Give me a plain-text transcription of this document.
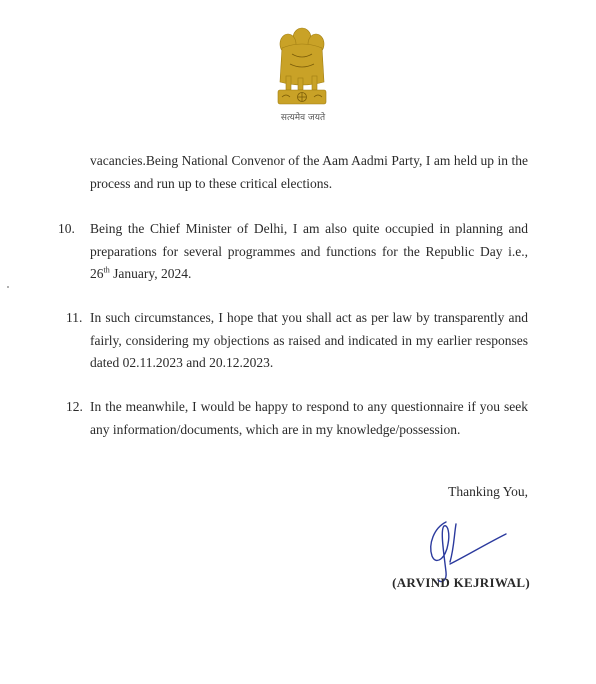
सत्यमेव जयते
vacancies.Being National Convenor of the Aam Aadmi Party, I am held up in the process and run up to these critical elections.
10. Being the Chief Minister of Delhi, I am also quite occupied in planning and preparations for several programmes and functions for the Republic Day i.e., 26th January, 2024.
11. In such circumstances, I hope that you shall act as per law by transparently and fairly, considering my objections as raised and indicated in my earlier responses dated 02.11.2023 and 20.12.2023.
12. In the meanwhile, I would be happy to respond to any questionnaire if you seek any information/documents, which are in my knowledge/possession.
Thanking You,
(ARVIND KEJRIWAL)
